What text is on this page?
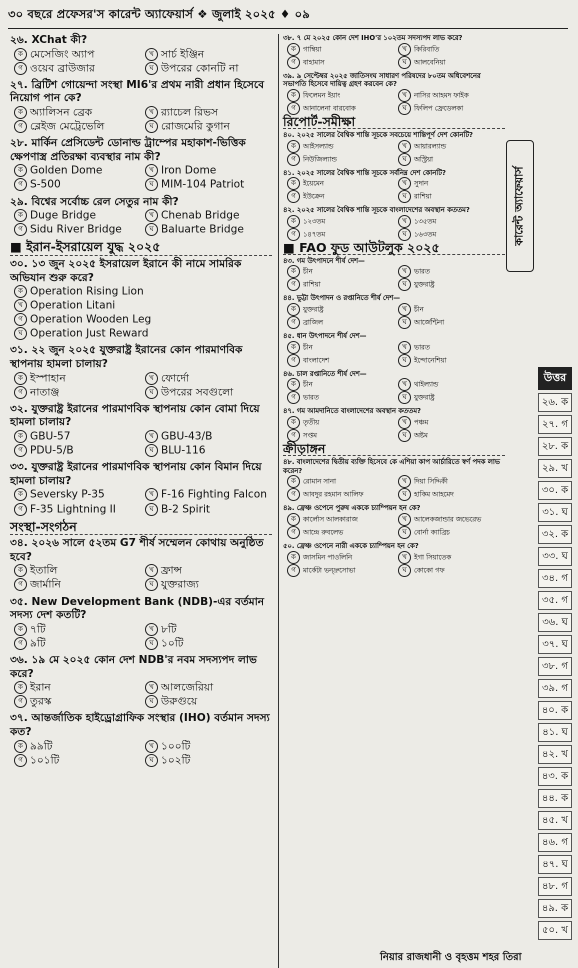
৩০ বছরে প্রফেসর'স কারেন্ট অ্যাফেয়ার্স ❖ জুলাই ২০২৫ ♦ ০৯
২৬. XChat কী?
ক মেসেজিং অ্যাপ	খ সার্চ ইঞ্জিন
গ ওয়েব ব্রাউজার	ঘ উপরের কোনটি না
২৭. ব্রিটিশ গোয়েন্দা সংস্থা MI6'র প্রথম নারী প্রধান হিসেবে নিয়োগ পান কে?
ক অ্যালিসন ব্রেক	খ র‍্যাচেল রিভস
গ ব্লেইজ মেট্রেভেলি	ঘ রোজমেরি কুগান
২৮. মার্কিন প্রেসিডেন্ট ডোনাল্ড ট্রাম্পের মহাকাশ-ভিত্তিক ক্ষেপণাস্ত্র প্রতিরক্ষা ব্যবস্থার নাম কী?
ক Golden Dome	খ Iron Dome
গ S-500	ঘ MIM-104 Patriot
২৯. বিশ্বের সর্বোচ্চ রেল সেতুর নাম কী?
ক Duge Bridge	খ Chenab Bridge
গ Sidu River Bridge	ঘ Baluarte Bridge
■ ইরান-ইসরায়েল যুদ্ধ ২০২৫
৩০. ১৩ জুন ২০২৫ ইসরায়েল ইরানে কী নামে সামরিক অভিযান শুরু করে?
ক Operation Rising Lion
খ Operation Litani
গ Operation Wooden Leg
ঘ Operation Just Reward
৩১. ২২ জুন ২০২৫ যুক্তরাষ্ট্র ইরানের কোন পারমাণবিক স্থাপনায় হামলা চালায়?
ক ইস্পাহান	খ ফোর্দো
গ নাতাঞ্জ	ঘ উপরের সবগুলো
৩২. যুক্তরাষ্ট্র ইরানের পারমাণবিক স্থাপনায় কোন বোমা দিয়ে হামলা চালায়?
ক GBU-57	খ GBU-43/B
গ PDU-5/B	ঘ BLU-116
৩৩. যুক্তরাষ্ট্র ইরানের পারমাণবিক স্থাপনায় কোন বিমান দিয়ে হামলা চালায়?
ক Seversky P-35	খ F-16 Fighting Falcon
গ F-35 Lightning II	ঘ B-2 Spirit
সংস্থা-সংগঠন
৩৪. ২০২৬ সালে ৫২তম G7 শীর্ষ সম্মেলন কোথায় অনুষ্ঠিত হবে?
ক ইতালি	খ ফ্রান্স
গ জার্মানি	ঘ যুক্তরাজ্য
৩৫. New Development Bank (NDB)-এর বর্তমান সদস্য দেশ কতটি?
ক ৭টি	খ ৮টি
গ ৯টি	ঘ ১০টি
৩৬. ১৯ মে ২০২৫ কোন দেশ NDB'র নবম সদস্যপদ লাভ করে?
ক ইরান	খ আলজেরিয়া
গ তুরস্ক	ঘ উরুগুয়ে
৩৭. আন্তর্জাতিক হাইড্রোগ্রাফিক সংস্থার (IHO) বর্তমান সদস্য কত?
ক ৯৯টি	খ ১০০টি
গ ১০১টি	ঘ ১০২টি
৩৮. ৭ মে ২০২৫ কোন দেশ IHO'র ১০২তম সদস্যপদ লাভ করে?
ক গাম্বিয়া	খ কিরিবাতি
গ বাহামাস	ঘ আলবেনিয়া
৩৯. ৯ সেপ্টেম্বর ২০২৫ জাতিসংঘ সাধারণ পরিষদের ৮০তম অধিবেশনের সভাপতি হিসেবে দায়িত্ব গ্রহণ করবেন কে?
ক ফিলেমন ইয়াং	খ নাসির আহমদ ফাইক
গ আনালেনা বারবোক	ঘ ফিলিপ ফ্রেডেলকা
রিপোর্ট-সমীক্ষা
৪০. ২০২৫ সালের বৈশ্বিক শান্তি সূচকে সবচেয়ে শান্তিপূর্ণ দেশ কোনটি?
ক আইসল্যান্ড	খ আয়ারল্যান্ড
গ নিউজিল্যান্ড	ঘ অস্ট্রিয়া
৪১. ২০২৫ সালের বৈশ্বিক শান্তি সূচকে সর্বনিম্ন দেশ কোনটি?
ক ইয়েমেন	খ সুদান
গ ইউক্রেন	ঘ রাশিয়া
৪২. ২০২৫ সালের বৈশ্বিক শান্তি সূচকে বাংলাদেশের অবস্থান কততম?
ক ১২৩তম	খ ১৩৫তম
গ ১৪৭তম	ঘ ১৬৩তম
■ FAO ফুড আউটলুক ২০২৫
৪৩. গম উৎপাদনে শীর্ষ দেশ—
ক চীন	খ ভারত
গ রাশিয়া	ঘ যুক্তরাষ্ট্র
৪৪. ভুট্টা উৎপাদন ও রপ্তানিতে শীর্ষ দেশ—
ক যুক্তরাষ্ট্র	খ চীন
গ ব্রাজিল	ঘ আর্জেন্টিনা
৪৫. ধান উৎপাদনে শীর্ষ দেশ—
ক চীন	খ ভারত
গ বাংলাদেশ	ঘ ইন্দোনেশিয়া
৪৬. চাল রপ্তানিতে শীর্ষ দেশ—
ক চীন	খ থাইল্যান্ড
গ ভারত	ঘ যুক্তরাষ্ট্র
৪৭. গম আমদানিতে বাংলাদেশের অবস্থান কততম?
ক তৃতীয়	খ পঞ্চম
গ সপ্তম	ঘ অষ্টম
ক্রীড়াঙ্গন
৪৮. বাংলাদেশের দ্বিতীয় ব্যক্তি হিসেবে কে এশিয়া কাপ আর্চারিতে স্বর্ণ পদক লাভ করেন?
ক রোমান সানা	খ দিয়া সিদ্দিকী
গ আবদুর রহমান আলিফ	ঘ হাকিম আহমেদ
৪৯. ফ্রেঞ্চ ওপেনে পুরুষ এককে চ্যাম্পিয়ন হন কে?
ক কার্লোস আলকারাজ	খ আলেকজান্ডার জভেরেভ
গ আন্দ্রে রুবলেভ	ঘ বোর্না ক্যাব্রিচ
৫০. ফ্রেঞ্চ ওপেনে নারী এককে চ্যাম্পিয়ন হন কে?
ক জাসমিন পাওলিনি	খ ইগা সিয়াতেক
গ মার্কেটা ভন্দ্রুসোভা	ঘ কোকো গফ
কারেন্ট অ্যাফেয়ার্স
উত্তর
২৬. ক
২৭. গ
২৮. ক
২৯. খ
৩০. ক
৩১. ঘ
৩২. ক
৩৩. ঘ
৩৪. গ
৩৫. গ
৩৬. ঘ
৩৭. ঘ
৩৮. গ
৩৯. গ
৪০. ক
৪১. ঘ
৪২. খ
৪৩. ক
৪৪. ক
৪৫. খ
৪৬. গ
৪৭. ঘ
৪৮. গ
৪৯. ক
৫০. খ
নিয়ার রাজধানী ও বৃহত্তম শহর তিরা
